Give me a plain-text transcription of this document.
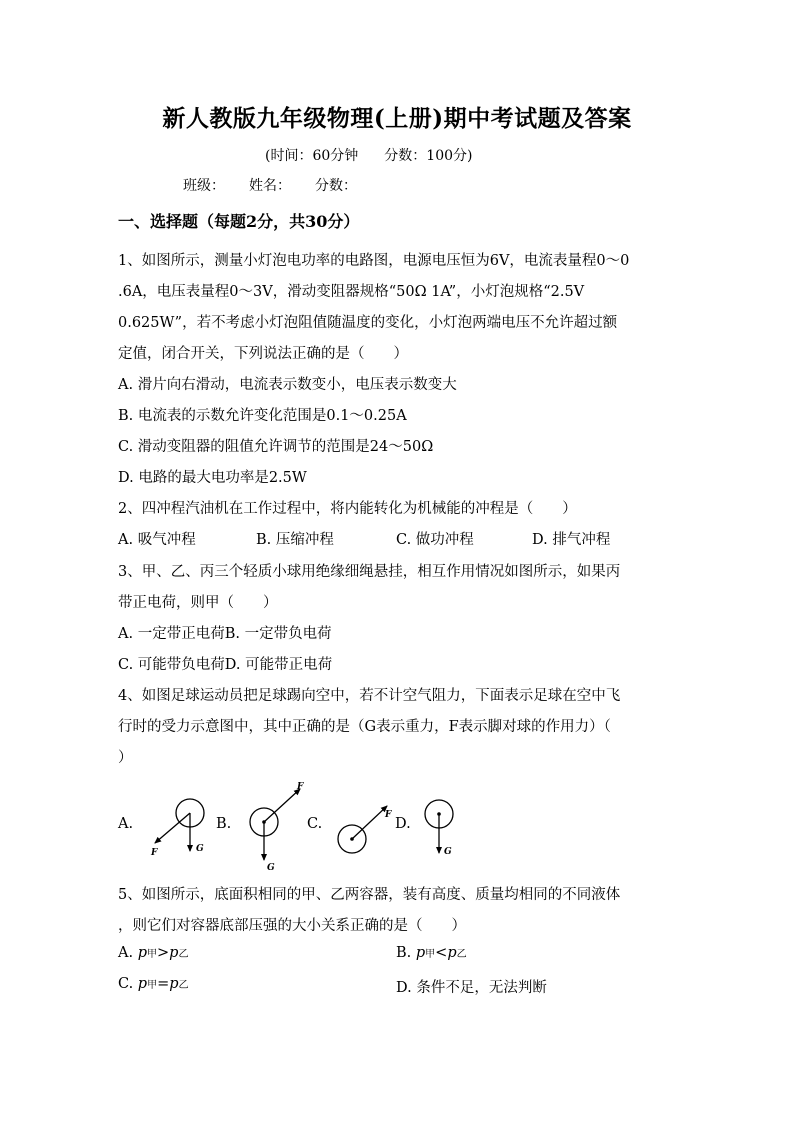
新人教版九年级物理(上册)期中考试题及答案
(时间：60分钟 分数：100分)
班级： 姓名： 分数：
一、选择题（每题2分，共30分）
1、如图所示，测量小灯泡电功率的电路图，电源电压恒为6V，电流表量程0～0
.6A，电压表量程0～3V，滑动变阻器规格“50Ω 1A”，小灯泡规格“2.5V
0.625W”，若不考虑小灯泡阻值随温度的变化，小灯泡两端电压不允许超过额
定值，闭合开关，下列说法正确的是（　　）
A. 滑片向右滑动，电流表示数变小，电压表示数变大
B. 电流表的示数允许变化范围是0.1～0.25A
C. 滑动变阻器的阻值允许调节的范围是24～50Ω
D. 电路的最大电功率是2.5W
2、四冲程汽油机在工作过程中，将内能转化为机械能的冲程是（　　）
A. 吸气冲程	B. 压缩冲程	C. 做功冲程	D. 排气冲程
3、甲、乙、丙三个轻质小球用绝缘细绳悬挂，相互作用情况如图所示，如果丙
带正电荷，则甲（　　）
A. 一定带正电荷B. 一定带负电荷
C. 可能带负电荷D. 可能带正电荷
4、如图足球运动员把足球踢向空中，若不计空气阻力，下面表示足球在空中飞
行时的受力示意图中，其中正确的是（G表示重力，F表示脚对球的作用力）（
）
A.	B.	C.	D.
F	G
F
G
F
G
5、如图所示，底面积相同的甲、乙两容器，装有高度、质量均相同的不同液体
，则它们对容器底部压强的大小关系正确的是（　　）
A. p甲>p乙	B. p甲<p乙
C. p甲=p乙	D. 条件不足，无法判断
